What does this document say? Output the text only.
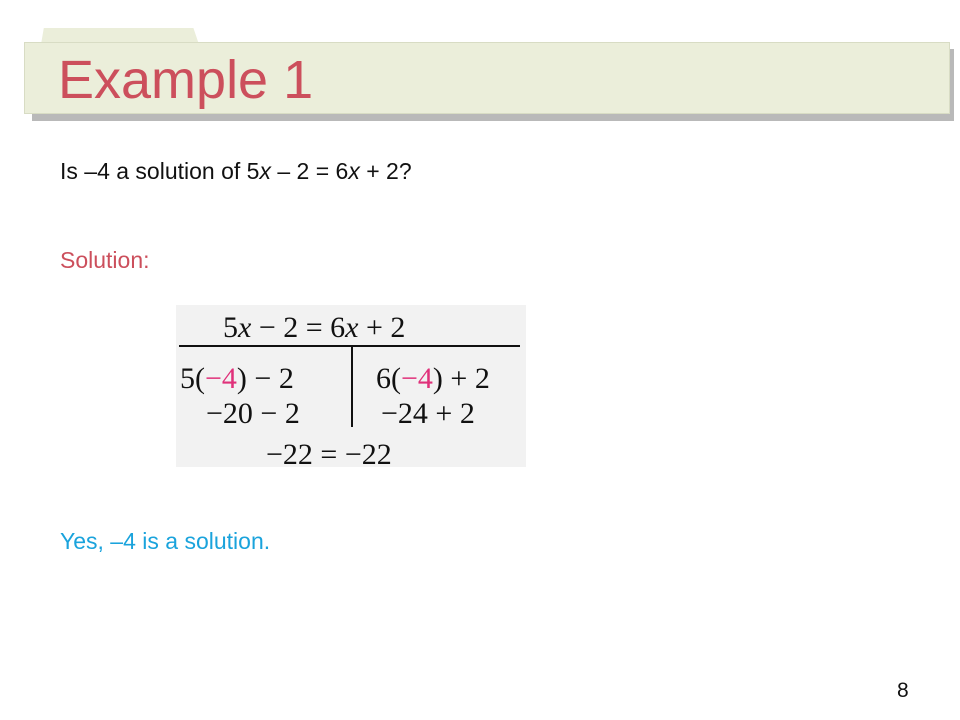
Example 1
Is –4 a solution of 5x – 2 = 6x + 2?
Solution:
5x − 2 = 6x + 2
5(−4) − 2	6(−4) + 2
−20 − 2	−24 + 2
−22 = −22
Yes, –4 is a solution.
8
